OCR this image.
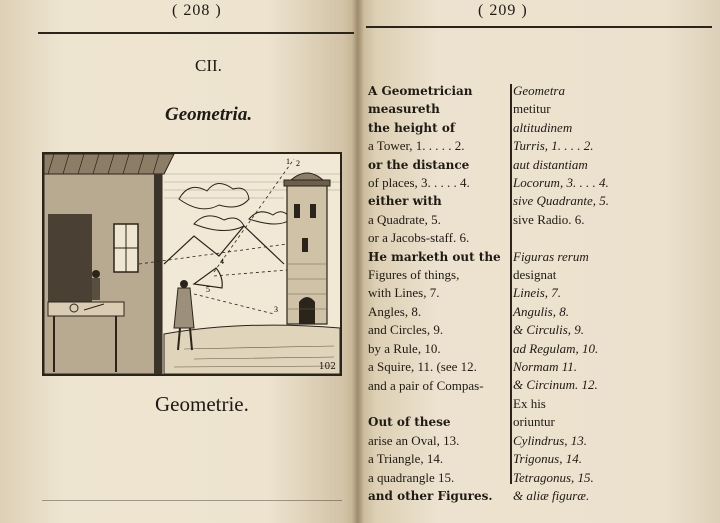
( 208 )
CII.
Geometria.
1 2
3
4
5
102
Geometrie.
( 209 )
A Geometrician
measureth
the height of
a Tower, 1. . . . . 2.
or the distance
of places, 3. . . . . 4.
either with
a Quadrate, 5.
or a Jacobs-staff. 6.
He marketh out the
Figures of things,
with Lines, 7.
Angles, 8.
and Circles, 9.
by a Rule, 10.
a Squire, 11. (see 12.
and a pair of Compas-
Out of these
arise an Oval, 13.
a Triangle, 14.
a quadrangle 15.
and other Figures.
Geometra
metitur
altitudinem
Turris, 1. . . . 2.
aut distantiam
Locorum, 3. . . . 4.
sive Quadrante, 5.
sive Radio. 6.
Figuras rerum
designat
Lineis, 7.
Angulis, 8.
& Circulis, 9.
ad Regulam, 10.
Normam 11.
& Circinum. 12.
Ex his
oriuntur
Cylindrus, 13.
Trigonus, 14.
Tetragonus, 15.
& aliæ figuræ.
